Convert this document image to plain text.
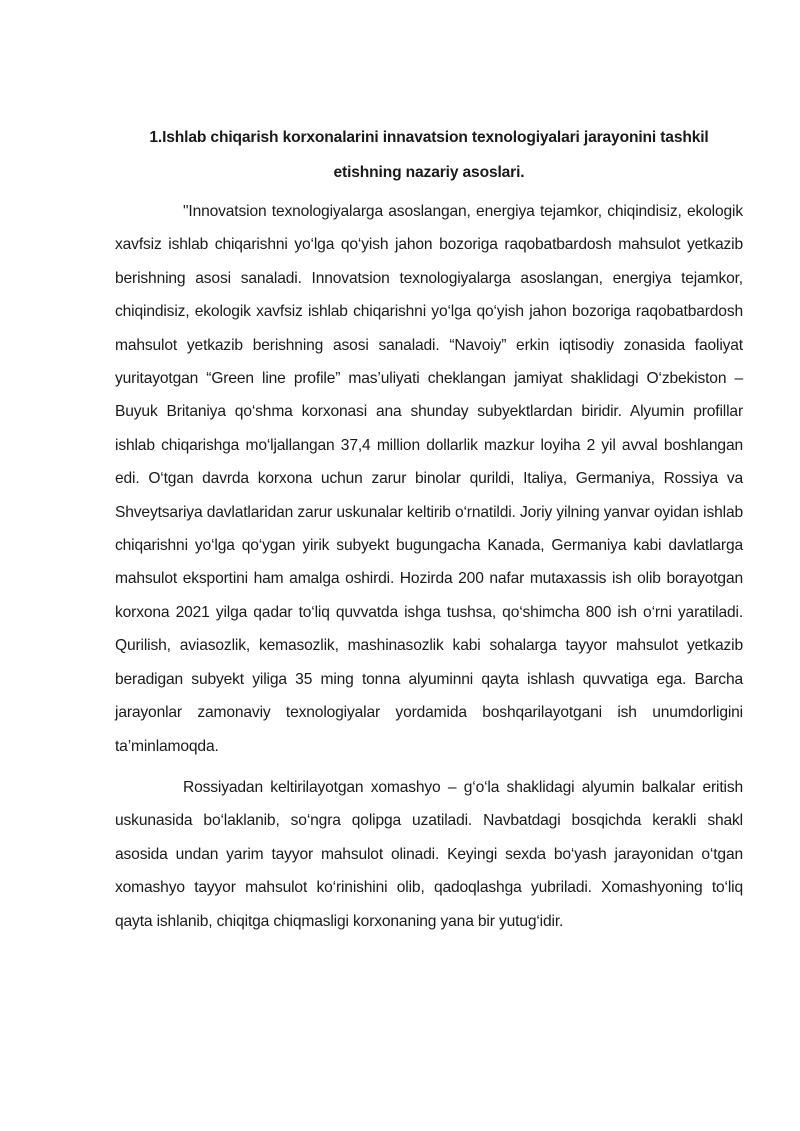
1.Ishlab chiqarish korxonalarini innavatsion texnologiyalari jarayonini tashkil etishning nazariy asoslari.

"Innovatsion texnologiyalarga asoslangan, energiya tejamkor, chiqindisiz, ekologik xavfsiz ishlab chiqarishni yo‘lga qo‘yish jahon bozoriga raqobatbardosh mahsulot yetkazib berishning asosi sanaladi. Innovatsion texnologiyalarga asoslangan, energiya tejamkor, chiqindisiz, ekologik xavfsiz ishlab chiqarishni yo‘lga qo‘yish jahon bozoriga raqobatbardosh mahsulot yetkazib berishning asosi sanaladi. “Navoiy” erkin iqtisodiy zonasida faoliyat yuritayotgan “Green line profile” mas’uliyati cheklangan jamiyat shaklidagi O‘zbekiston – Buyuk Britaniya qo‘shma korxonasi ana shunday subyektlardan biridir. Alyumin profillar ishlab chiqarishga mo‘ljallangan 37,4 million dollarlik mazkur loyiha 2 yil avval boshlangan edi. O‘tgan davrda korxona uchun zarur binolar qurildi, Italiya, Germaniya, Rossiya va Shveytsariya davlatlaridan zarur uskunalar keltirib o‘rnatildi. Joriy yilning yanvar oyidan ishlab chiqarishni yo‘lga qo‘ygan yirik subyekt bugungacha Kanada, Germaniya kabi davlatlarga mahsulot eksportini ham amalga oshirdi. Hozirda 200 nafar mutaxassis ish olib borayotgan korxona 2021 yilga qadar to‘liq quvvatda ishga tushsa, qo‘shimcha 800 ish o‘rni yaratiladi. Qurilish, aviasozlik, kemasozlik, mashinasozlik kabi sohalarga tayyor mahsulot yetkazib beradigan subyekt yiliga 35 ming tonna alyuminni qayta ishlash quvvatiga ega. Barcha jarayonlar zamonaviy texnologiyalar yordamida boshqarilayotgani ish unumdorligini ta’minlamoqda.

Rossiyadan keltirilayotgan xomashyo – g‘o‘la shaklidagi alyumin balkalar eritish uskunasida bo‘laklanib, so‘ngra qolipga uzatiladi. Navbatdagi bosqichda kerakli shakl asosida undan yarim tayyor mahsulot olinadi. Keyingi sexda bo‘yash jarayonidan o‘tgan xomashyo tayyor mahsulot ko‘rinishini olib, qadoqlashga yubriladi. Xomashyoning to‘liq qayta ishlanib, chiqitga chiqmasligi korxonaning yana bir yutug‘idir.
